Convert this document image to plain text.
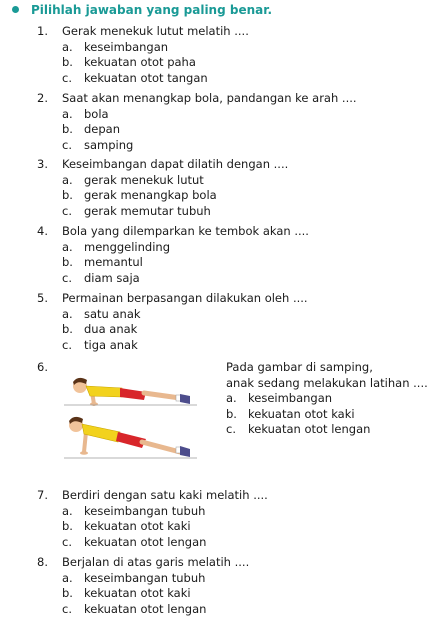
Pilihlah jawaban yang paling benar.
1. Gerak menekuk lutut melatih ....
a. keseimbangan
b. kekuatan otot paha
c. kekuatan otot tangan
2. Saat akan menangkap bola, pandangan ke arah ....
a. bola
b. depan
c. samping
3. Keseimbangan dapat dilatih dengan ....
a. gerak menekuk lutut
b. gerak menangkap bola
c. gerak memutar tubuh
4. Bola yang dilemparkan ke tembok akan ....
a. menggelinding
b. memantul
c. diam saja
5. Permainan berpasangan dilakukan oleh ....
a. satu anak
b. dua anak
c. tiga anak
6.	Pada gambar di samping,
anak sedang melakukan latihan ....
a. keseimbangan
b. kekuatan otot kaki
c. kekuatan otot lengan
7. Berdiri dengan satu kaki melatih ....
a. keseimbangan tubuh
b. kekuatan otot kaki
c. kekuatan otot lengan
8. Berjalan di atas garis melatih ....
a. keseimbangan tubuh
b. kekuatan otot kaki
c. kekuatan otot lengan
